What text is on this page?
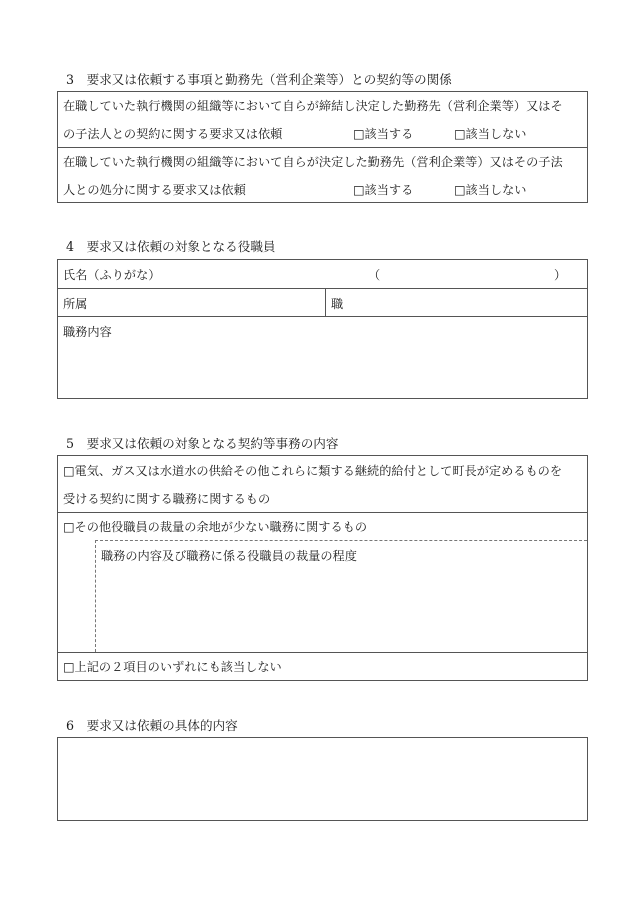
3　要求又は依頼する事項と勤務先（営利企業等）との契約等の関係
在職していた執行機関の組織等において自らが締結し決定した勤務先（営利企業等）又はそ
の子法人との契約に関する要求又は依頼	□該当する	□該当しない
在職していた執行機関の組織等において自らが決定した勤務先（営利企業等）又はその子法
人との処分に関する要求又は依頼	□該当する	□該当しない
4　要求又は依頼の対象となる役職員
氏名（ふりがな）	（	）
所属	職
職務内容
5　要求又は依頼の対象となる契約等事務の内容
□電気、ガス又は水道水の供給その他これらに類する継続的給付として町長が定めるものを
受ける契約に関する職務に関するもの
□その他役職員の裁量の余地が少ない職務に関するもの
職務の内容及び職務に係る役職員の裁量の程度
□上記の２項目のいずれにも該当しない
6　要求又は依頼の具体的内容
